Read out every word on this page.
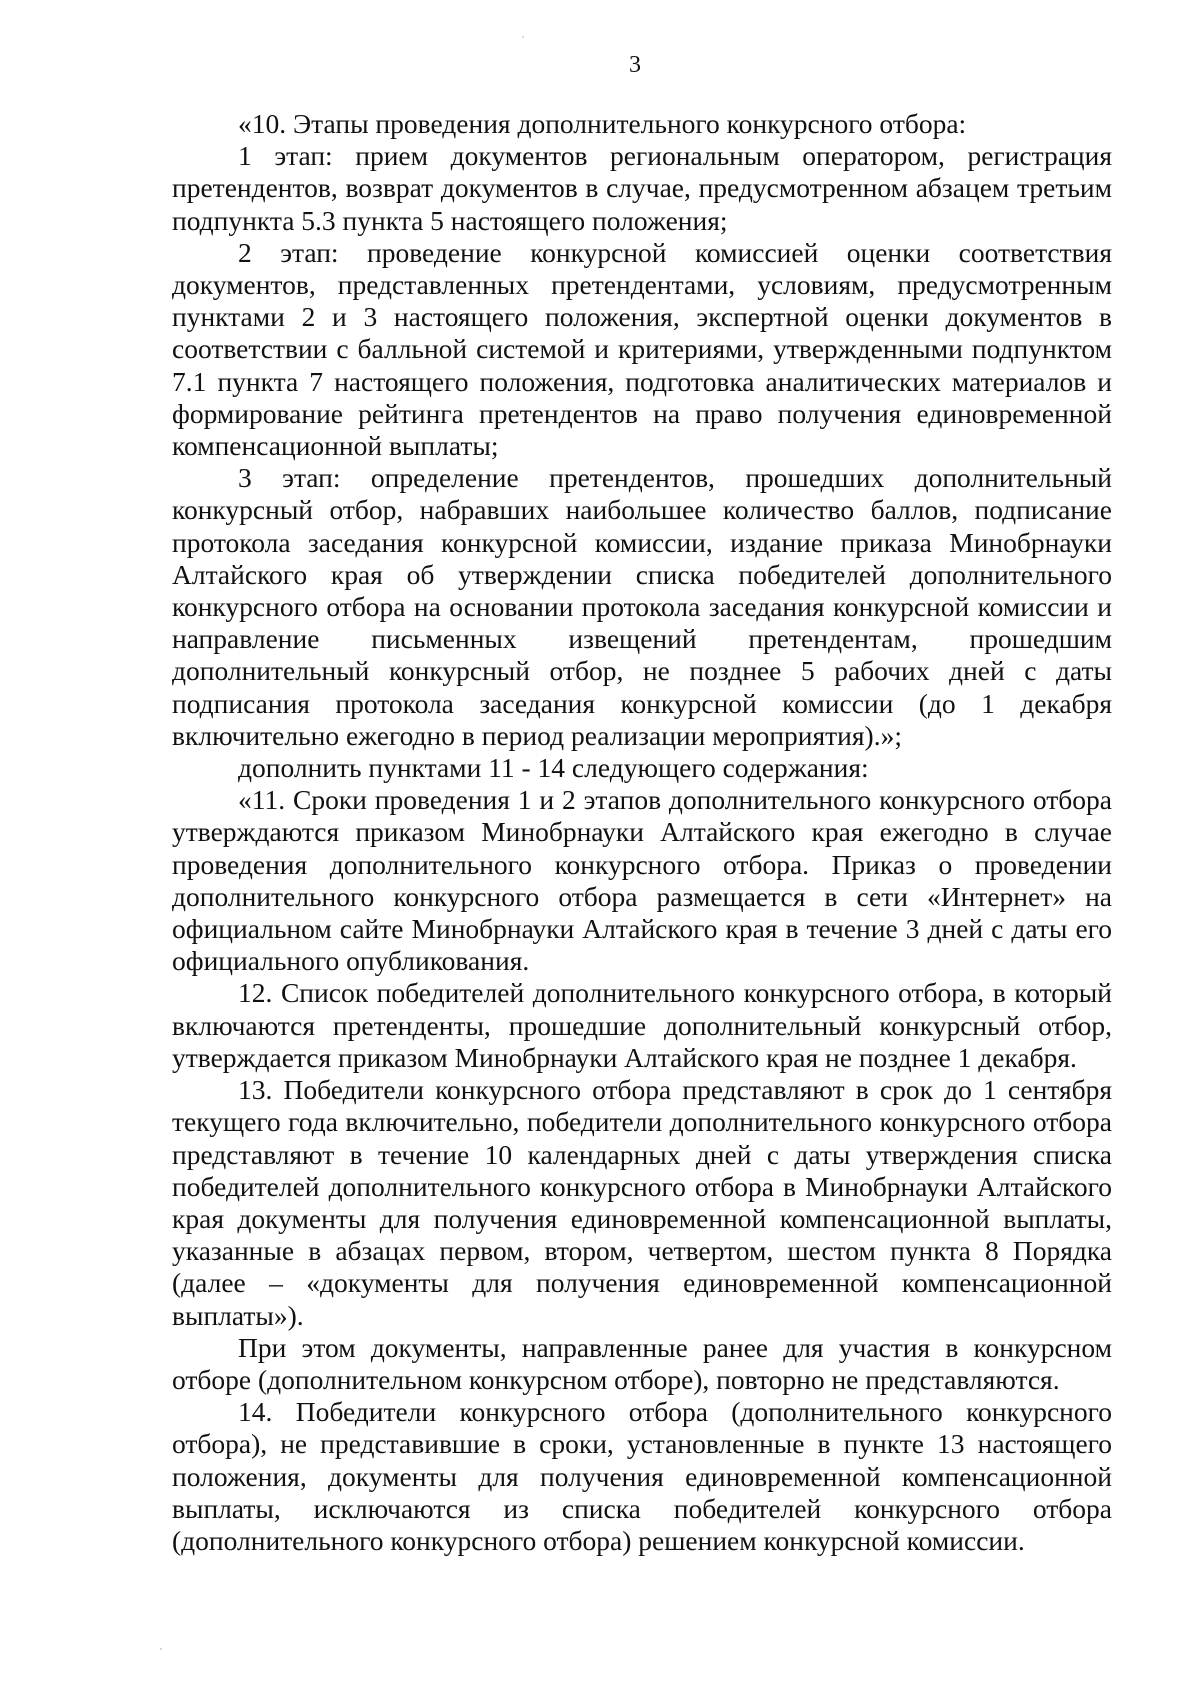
3

«10. Этапы проведения дополнительного конкурсного отбора:

1 этап: прием документов региональным оператором, регистрация претендентов, возврат документов в случае, предусмотренном абзацем третьим подпункта 5.3 пункта 5 настоящего положения;

2 этап: проведение конкурсной комиссией оценки соответствия документов, представленных претендентами, условиям, предусмотренным пунктами 2 и 3 настоящего положения, экспертной оценки документов в соответствии с балльной системой и критериями, утвержденными подпунктом 7.1 пункта 7 настоящего положения, подготовка аналитических материалов и формирование рейтинга претендентов на право получения единовременной компенсационной выплаты;

3 этап: определение претендентов, прошедших дополнительный конкурсный отбор, набравших наибольшее количество баллов, подписание протокола заседания конкурсной комиссии, издание приказа Минобрнауки Алтайского края об утверждении списка победителей дополнительного конкурсного отбора на основании протокола заседания конкурсной комиссии и направление письменных извещений претендентам, прошедшим дополнительный конкурсный отбор, не позднее 5 рабочих дней с даты подписания протокола заседания конкурсной комиссии (до 1 декабря включительно ежегодно в период реализации мероприятия).»;

дополнить пунктами 11 - 14 следующего содержания:

«11. Сроки проведения 1 и 2 этапов дополнительного конкурсного отбора утверждаются приказом Минобрнауки Алтайского края ежегодно в случае проведения дополнительного конкурсного отбора. Приказ о проведении дополнительного конкурсного отбора размещается в сети «Интернет» на официальном сайте Минобрнауки Алтайского края в течение 3 дней с даты его официального опубликования.

12. Список победителей дополнительного конкурсного отбора, в который включаются претенденты, прошедшие дополнительный конкурсный отбор, утверждается приказом Минобрнауки Алтайского края не позднее 1 декабря.

13. Победители конкурсного отбора представляют в срок до 1 сентября текущего года включительно, победители дополнительного конкурсного отбора представляют в течение 10 календарных дней с даты утверждения списка победителей дополнительного конкурсного отбора в Минобрнауки Алтайского края документы для получения единовременной компенсационной выплаты, указанные в абзацах первом, втором, четвертом, шестом пункта 8 Порядка (далее – «документы для получения единовременной компенсационной выплаты»).

При этом документы, направленные ранее для участия в конкурсном отборе (дополнительном конкурсном отборе), повторно не представляются.

14. Победители конкурсного отбора (дополнительного конкурсного отбора), не представившие в сроки, установленные в пункте 13 настоящего положения, документы для получения единовременной компенсационной выплаты, исключаются из списка победителей конкурсного отбора (дополнительного конкурсного отбора) решением конкурсной комиссии.
